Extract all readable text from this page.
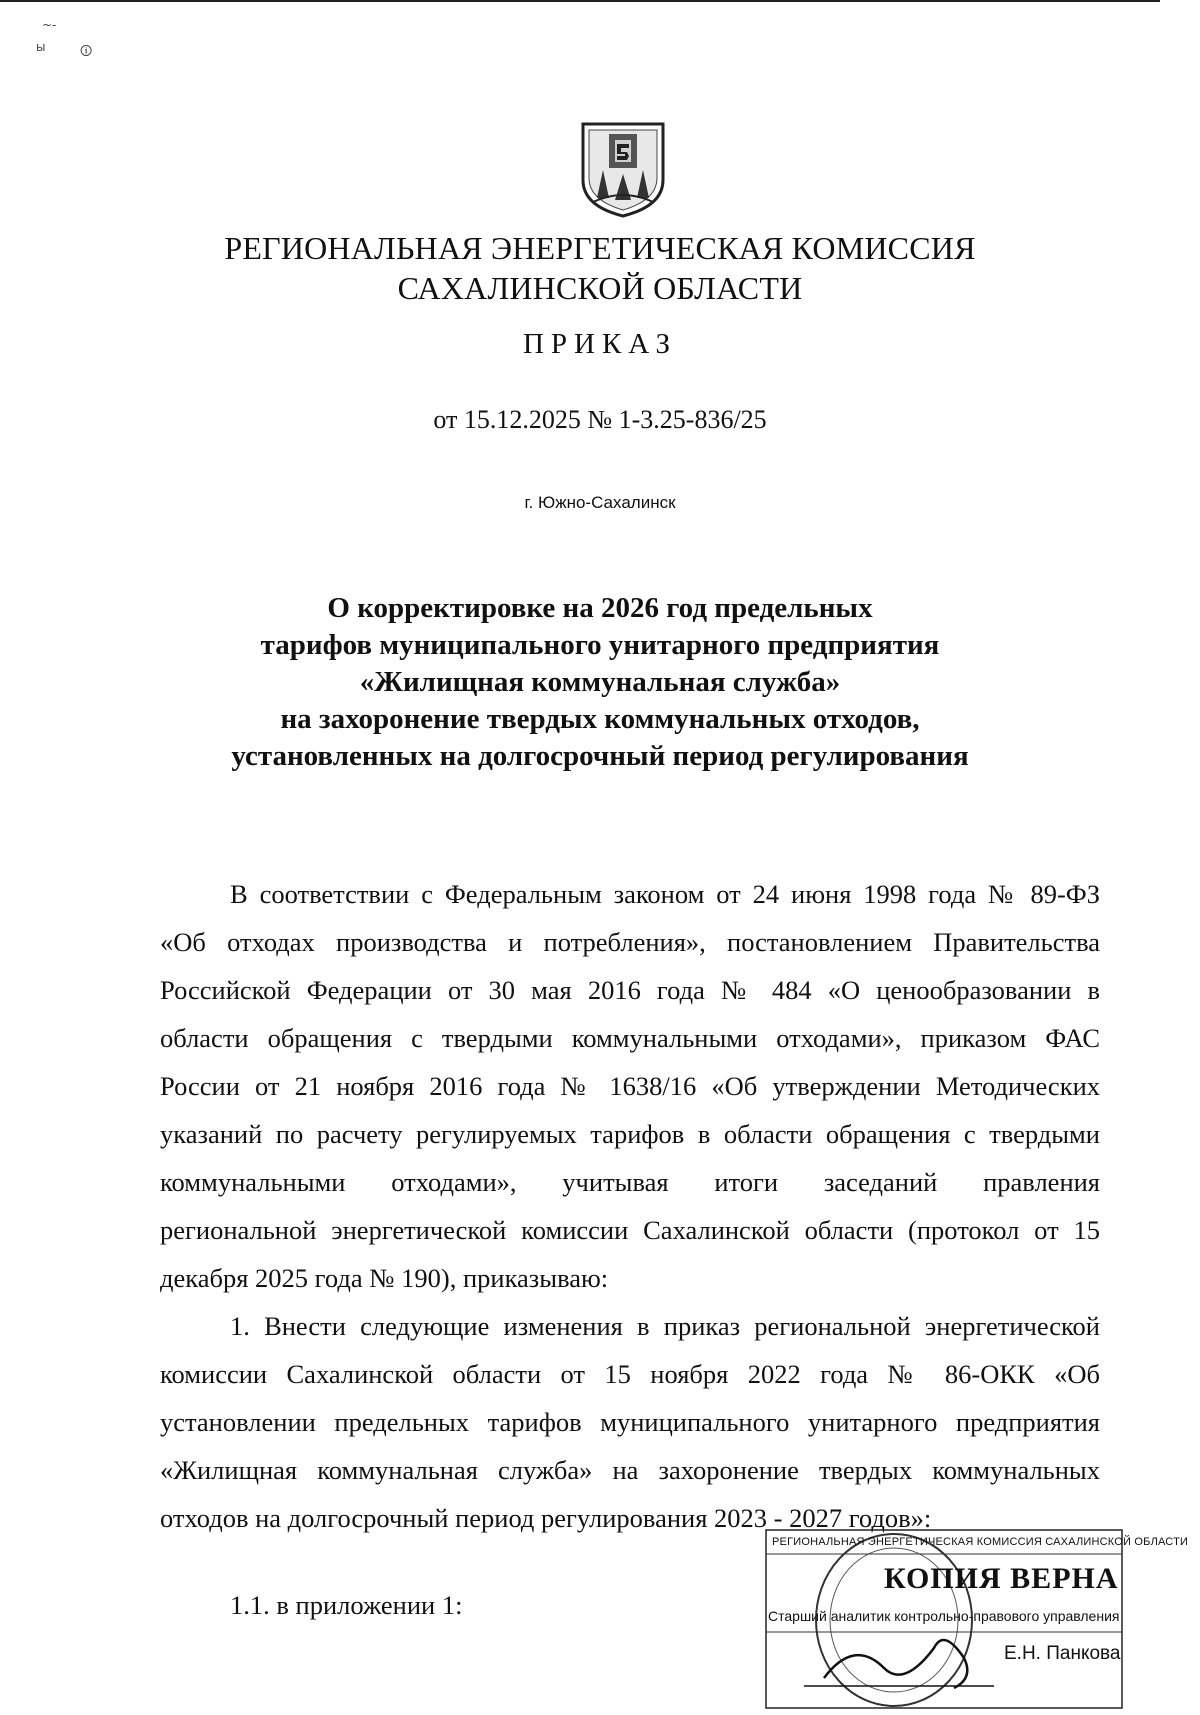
~-
ы	🛈
РЕГИОНАЛЬНАЯ ЭНЕРГЕТИЧЕСКАЯ КОМИССИЯ
САХАЛИНСКОЙ ОБЛАСТИ
ПРИКАЗ

от 15.12.2025 № 1-3.25-836/25

г. Южно-Сахалинск

О корректировке на 2026 год предельных
тарифов муниципального унитарного предприятия
«Жилищная коммунальная служба»
на захоронение твердых коммунальных отходов,
установленных на долгосрочный период регулирования
В соответствии с Федеральным законом от 24 июня 1998 года № 89-ФЗ
«Об отходах производства и потребления», постановлением Правительства
Российской Федерации от 30 мая 2016 года № 484 «О ценообразовании в
области обращения с твердыми коммунальными отходами», приказом ФАС
России от 21 ноября 2016 года № 1638/16 «Об утверждении Методических
указаний по расчету регулируемых тарифов в области обращения с твердыми
коммунальными отходами», учитывая итоги заседаний правления
региональной энергетической комиссии Сахалинской области (протокол от 15
декабря 2025 года № 190), приказываю:
1. Внести следующие изменения в приказ региональной энергетической
комиссии Сахалинской области от 15 ноября 2022 года № 86-ОКК «Об
установлении предельных тарифов муниципального унитарного предприятия
«Жилищная коммунальная служба» на захоронение твердых коммунальных
отходов на долгосрочный период регулирования 2023 - 2027 годов»:

1.1. в приложении 1:

РЕГИОНАЛЬНАЯ ЭНЕРГЕТИЧЕСКАЯ КОМИССИЯ САХАЛИНСКОЙ ОБЛАСТИ
КОПИЯ ВЕРНА
Старший аналитик контрольно-правового управления
Е.Н. Панкова
